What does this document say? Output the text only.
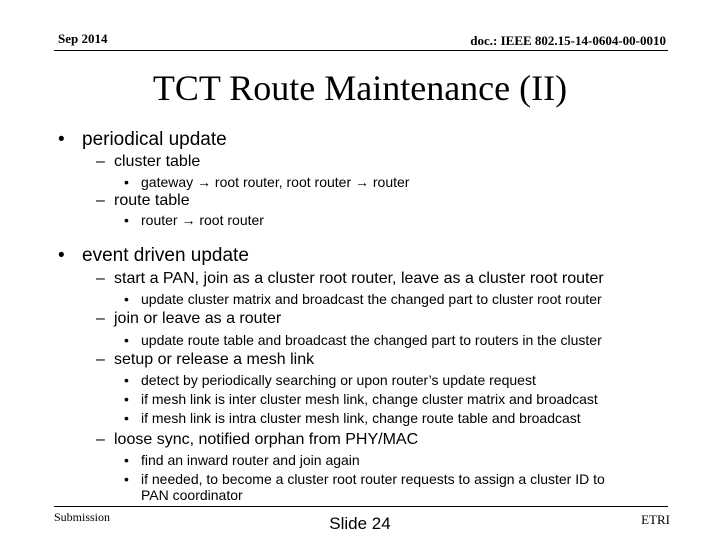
Sep 2014	doc.: IEEE 802.15-14-0604-00-0010
TCT Route Maintenance (II)
• periodical update
– cluster table
• gateway → root router, root router → router
– route table
• router → root router
• event driven update
– start a PAN, join as a cluster root router, leave as a cluster root router
• update cluster matrix and broadcast the changed part to cluster root router
– join or leave as a router
• update route table and broadcast the changed part to routers in the cluster
– setup or release a mesh link
• detect by periodically searching or upon router’s update request
• if mesh link is inter cluster mesh link, change cluster matrix and broadcast
• if mesh link is intra cluster mesh link, change route table and broadcast
– loose sync, notified orphan from PHY/MAC
• find an inward router and join again
• if needed, to become a cluster root router requests to assign a cluster ID to
PAN coordinator
Submission	Slide 24	ETRI
